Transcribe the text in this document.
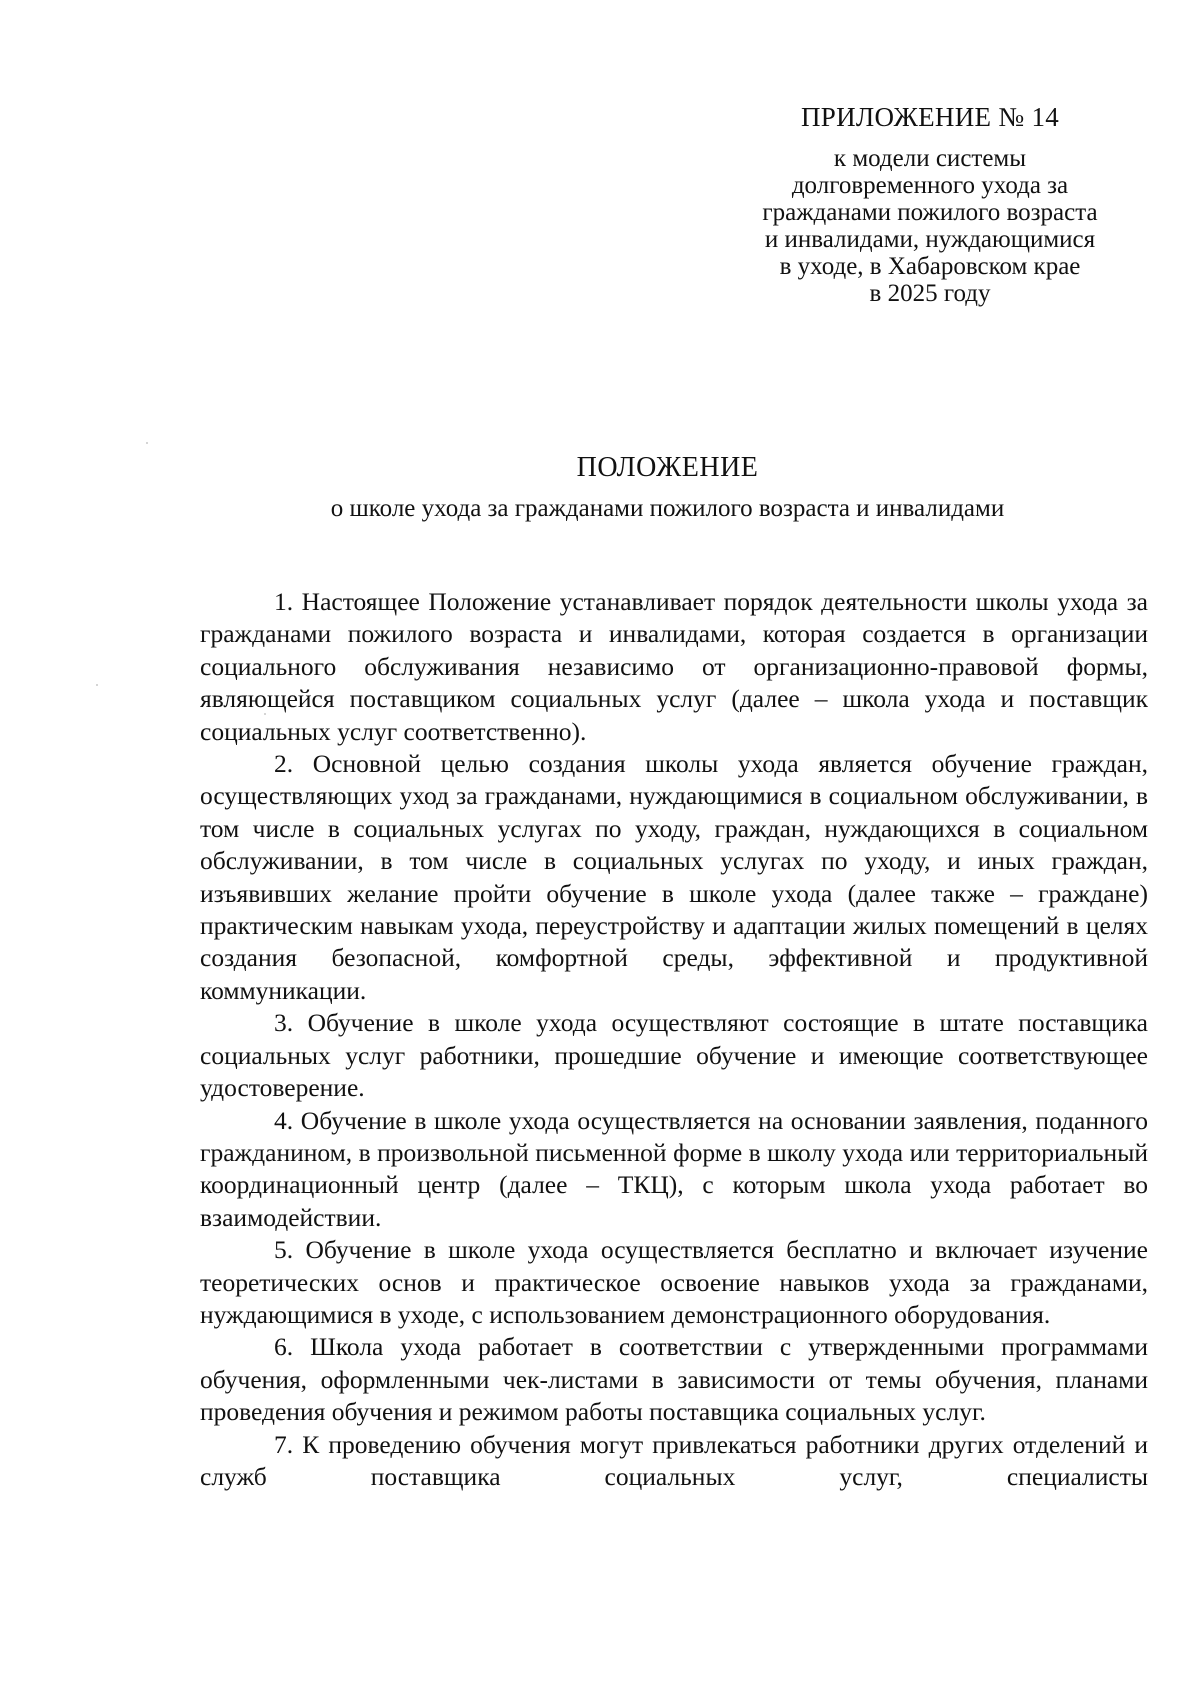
ПРИЛОЖЕНИЕ № 14
к модели системы
долговременного ухода за
гражданами пожилого возраста
и инвалидами, нуждающимися
в уходе, в Хабаровском крае
в 2025 году
ПОЛОЖЕНИЕ
о школе ухода за гражданами пожилого возраста и инвалидами

1. Настоящее Положение устанавливает порядок деятельности школы ухода за гражданами пожилого возраста и инвалидами, которая создается в организации социального обслуживания независимо от организационно-правовой формы, являющейся поставщиком социальных услуг (далее – школа ухода и поставщик социальных услуг соответственно).

2. Основной целью создания школы ухода является обучение граждан, осуществляющих уход за гражданами, нуждающимися в социальном обслуживании, в том числе в социальных услугах по уходу, граждан, нуждающихся в социальном обслуживании, в том числе в социальных услугах по уходу, и иных граждан, изъявивших желание пройти обучение в школе ухода (далее также – граждане) практическим навыкам ухода, переустройству и адаптации жилых помещений в целях создания безопасной, комфортной среды, эффективной и продуктивной коммуникации.

3. Обучение в школе ухода осуществляют состоящие в штате поставщика социальных услуг работники, прошедшие обучение и имеющие соответствующее удостоверение.

4. Обучение в школе ухода осуществляется на основании заявления, поданного гражданином, в произвольной письменной форме в школу ухода или территориальный координационный центр (далее – ТКЦ), с которым школа ухода работает во взаимодействии.

5. Обучение в школе ухода осуществляется бесплатно и включает изучение теоретических основ и практическое освоение навыков ухода за гражданами, нуждающимися в уходе, с использованием демонстрационного оборудования.

6. Школа ухода работает в соответствии с утвержденными программами обучения, оформленными чек-листами в зависимости от темы обучения, планами проведения обучения и режимом работы поставщика социальных услуг.

7. К проведению обучения могут привлекаться работники других отделений и служб поставщика социальных услуг, специалисты
